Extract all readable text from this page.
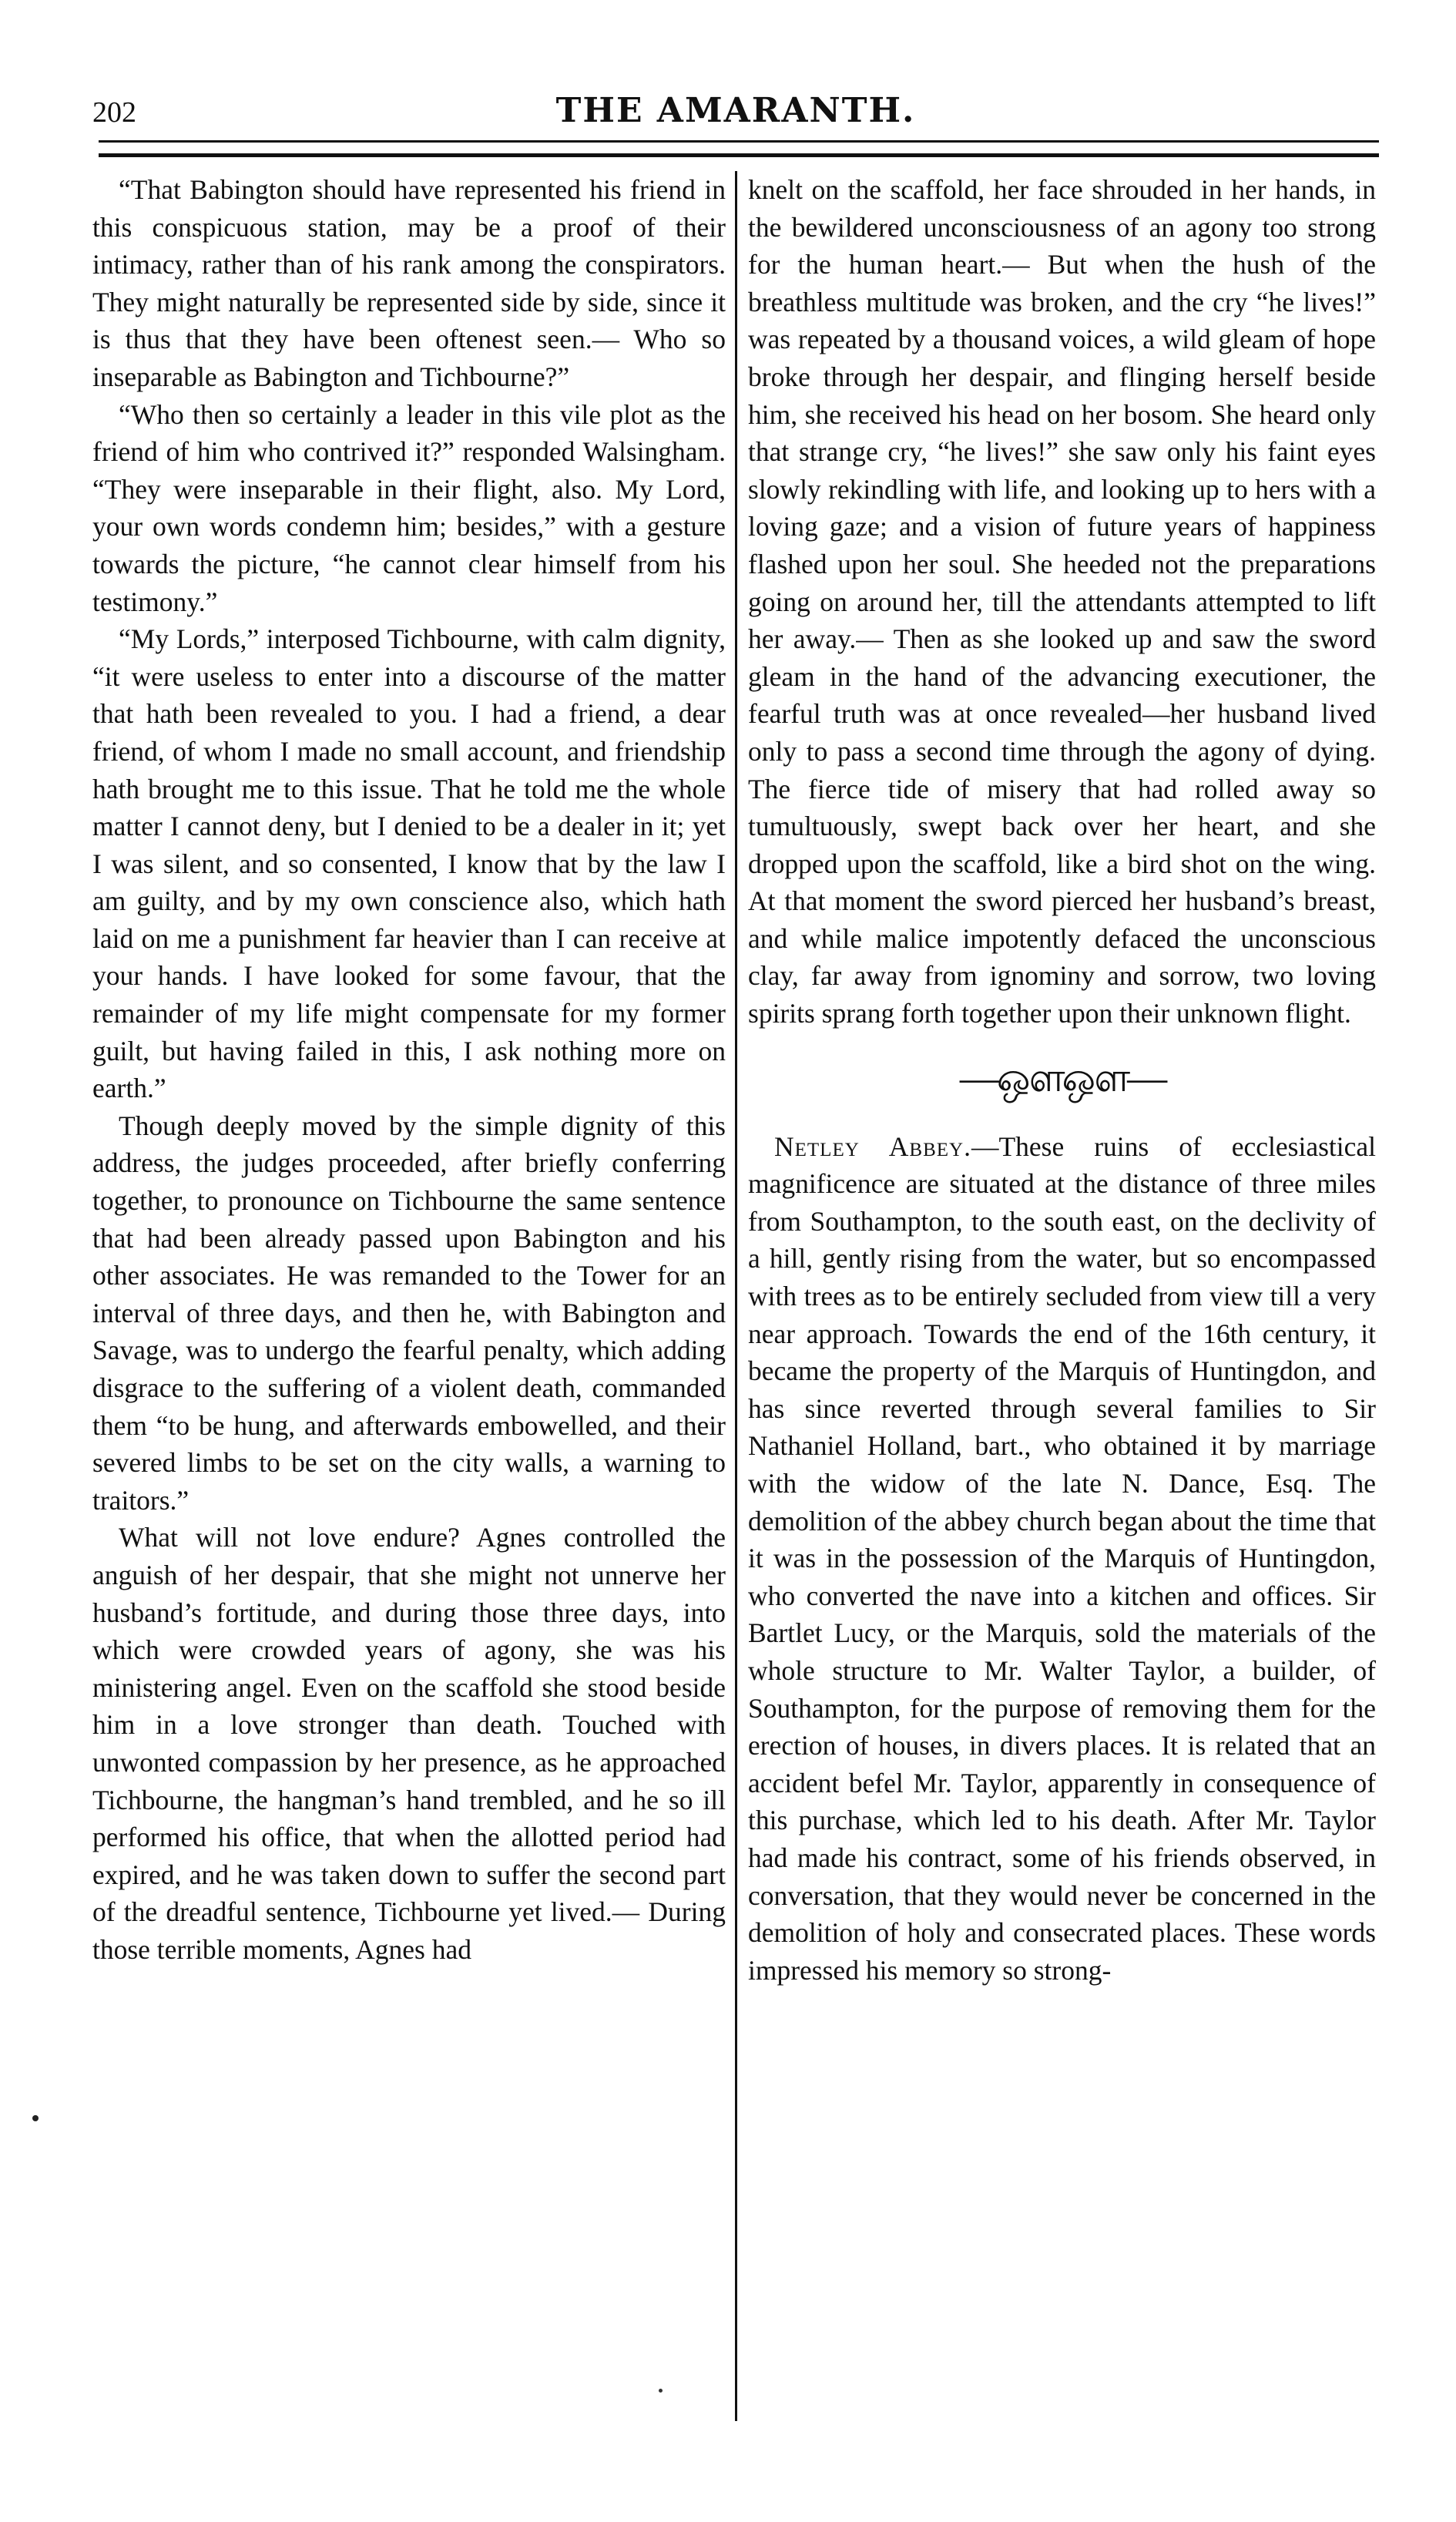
202	THE AMARANTH.

“That Babington should have represented his friend in this conspicuous station, may be a proof of their intimacy, rather than of his rank among the conspirators. They might naturally be represented side by side, since it is thus that they have been oftenest seen.— Who so inseparable as Babington and Tichbourne?”

“Who then so certainly a leader in this vile plot as the friend of him who contrived it?” responded Walsingham. “They were inseparable in their flight, also. My Lord, your own words condemn him; besides,” with a gesture towards the picture, “he cannot clear himself from his testimony.”

“My Lords,” interposed Tichbourne, with calm dignity, “it were useless to enter into a discourse of the matter that hath been revealed to you. I had a friend, a dear friend, of whom I made no small account, and friendship hath brought me to this issue. That he told me the whole matter I cannot deny, but I denied to be a dealer in it; yet I was silent, and so consented, I know that by the law I am guilty, and by my own conscience also, which hath laid on me a punishment far heavier than I can receive at your hands. I have looked for some favour, that the remainder of my life might compensate for my former guilt, but having failed in this, I ask nothing more on earth.”

Though deeply moved by the simple dignity of this address, the judges proceeded, after briefly conferring together, to pronounce on Tichbourne the same sentence that had been already passed upon Babington and his other associates. He was remanded to the Tower for an interval of three days, and then he, with Babington and Savage, was to undergo the fearful penalty, which adding disgrace to the suffering of a violent death, commanded them “to be hung, and afterwards embowelled, and their severed limbs to be set on the city walls, a warning to traitors.”

What will not love endure? Agnes controlled the anguish of her despair, that she might not unnerve her husband’s fortitude, and during those three days, into which were crowded years of agony, she was his ministering angel. Even on the scaffold she stood beside him in a love stronger than death. Touched with unwonted compassion by her presence, as he approached Tichbourne, the hangman’s hand trembled, and he so ill performed his office, that when the allotted period had expired, and he was taken down to suffer the second part of the dreadful sentence, Tichbourne yet lived.— During those terrible moments, Agnes had

knelt on the scaffold, her face shrouded in her hands, in the bewildered unconsciousness of an agony too strong for the human heart.— But when the hush of the breathless multitude was broken, and the cry “he lives!” was repeated by a thousand voices, a wild gleam of hope broke through her despair, and flinging herself beside him, she received his head on her bosom. She heard only that strange cry, “he lives!” she saw only his faint eyes slowly rekindling with life, and looking up to hers with a loving gaze; and a vision of future years of happiness flashed upon her soul. She heeded not the preparations going on around her, till the attendants attempted to lift her away.— Then as she looked up and saw the sword gleam in the hand of the advancing executioner, the fearful truth was at once revealed—her husband lived only to pass a second time through the agony of dying. The fierce tide of misery that had rolled away so tumultuously, swept back over her heart, and she dropped upon the scaffold, like a bird shot on the wing. At that moment the sword pierced her husband’s breast, and while malice impotently defaced the unconscious clay, far away from ignominy and sorrow, two loving spirits sprang forth together upon their unknown flight.

—ஔஔ—

Netley Abbey.—These ruins of ecclesiastical magnificence are situated at the distance of three miles from Southampton, to the south east, on the declivity of a hill, gently rising from the water, but so encompassed with trees as to be entirely secluded from view till a very near approach. Towards the end of the 16th century, it became the property of the Marquis of Huntingdon, and has since reverted through several families to Sir Nathaniel Holland, bart., who obtained it by marriage with the widow of the late N. Dance, Esq. The demolition of the abbey church began about the time that it was in the possession of the Marquis of Huntingdon, who converted the nave into a kitchen and offices. Sir Bartlet Lucy, or the Marquis, sold the materials of the whole structure to Mr. Walter Taylor, a builder, of Southampton, for the purpose of removing them for the erection of houses, in divers places. It is related that an accident befel Mr. Taylor, apparently in consequence of this purchase, which led to his death. After Mr. Taylor had made his contract, some of his friends observed, in conversation, that they would never be concerned in the demolition of holy and consecrated places. These words impressed his memory so strong-
